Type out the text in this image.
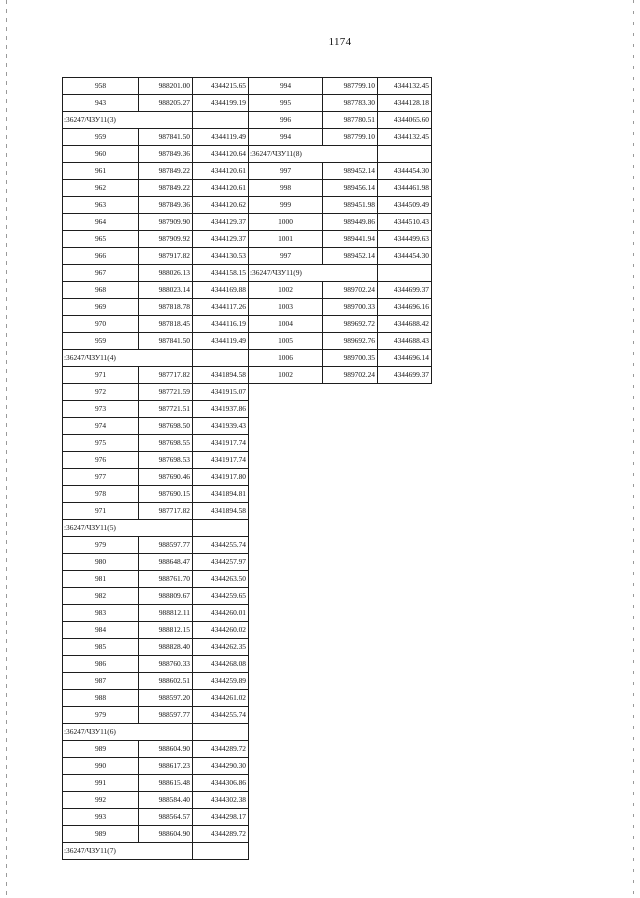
1174
958	988201.00	4344215.65
943	988205.27	4344199.19
:36247/ЧЗУ11(3)		
959	987841.50	4344119.49
960	987849.36	4344120.64
961	987849.22	4344120.61
962	987849.22	4344120.61
963	987849.36	4344120.62
964	987909.90	4344129.37
965	987909.92	4344129.37
966	987917.82	4344130.53
967	988026.13	4344158.15
968	988023.14	4344169.88
969	987818.78	4344117.26
970	987818.45	4344116.19
959	987841.50	4344119.49
:36247/ЧЗУ11(4)		
971	987717.82	4341894.58
972	987721.59	4341915.07
973	987721.51	4341937.86
974	987698.50	4341939.43
975	987698.55	4341917.74
976	987698.53	4341917.74
977	987690.46	4341917.80
978	987690.15	4341894.81
971	987717.82	4341894.58
:36247/ЧЗУ11(5)		
979	988597.77	4344255.74
980	988648.47	4344257.97
981	988761.70	4344263.50
982	988809.67	4344259.65
983	988812.11	4344260.01
984	988812.15	4344260.02
985	988828.40	4344262.35
986	988760.33	4344268.08
987	988602.51	4344259.89
988	988597.20	4344261.02
979	988597.77	4344255.74
:36247/ЧЗУ11(6)		
989	988604.90	4344289.72
990	988617.23	4344290.30
991	988615.48	4344306.86
992	988584.40	4344302.38
993	988564.57	4344298.17
989	988604.90	4344289.72
:36247/ЧЗУ11(7)		
994	987799.10	4344132.45
995	987783.30	4344128.18
996	987780.51	4344065.60
994	987799.10	4344132.45
:36247/ЧЗУ11(8)		
997	989452.14	4344454.30
998	989456.14	4344461.98
999	989451.98	4344509.49
1000	989449.86	4344510.43
1001	989441.94	4344499.63
997	989452.14	4344454.30
:36247/ЧЗУ11(9)		
1002	989702.24	4344699.37
1003	989700.33	4344696.16
1004	989692.72	4344688.42
1005	989692.76	4344688.43
1006	989700.35	4344696.14
1002	989702.24	4344699.37
